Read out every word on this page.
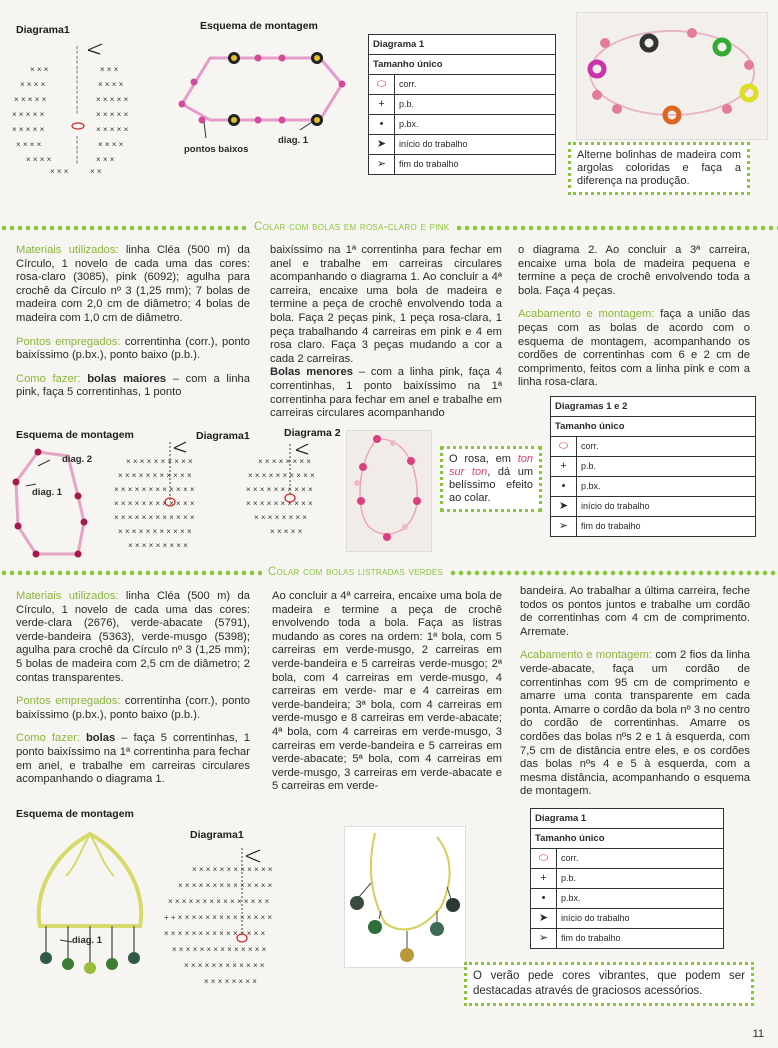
Diagrama1
¦
¦
¦
¦
¦
¦
¦
¦
¦
¦
× × ×	× × ×
× × × ×	× × × ×
× × × × ×	× × × × ×
× × × × ×	× × × × ×
× × × × ×	× × × × ×
× × × ×	× × × ×
× × × ×	× × ×
× × ×	× ×
Esquema de montagem
pontos baixos
diag. 1
Diagrama 1	
Tamanho único	
⬭	corr.
+	p.b.
•	p.bx.
➤	início do trabalho
➢	fim do trabalho
Alterne bolinhas de madeira com argolas coloridas e faça a diferença na produção.
Colar com bolas em rosa-claro e pink

Materiais utilizados: linha Cléa (500 m) da Círculo, 1 novelo de cada uma das cores: rosa-claro (3085), pink (6092); agulha para crochê da Círculo nº 3 (1,25 mm); 7 bolas de madeira com 2,0 cm de diâmetro; 4 bolas de madeira com 1,0 cm de diâmetro.

Pontos empregados: correntinha (corr.), ponto baixíssimo (p.bx.), ponto baixo (p.b.).

Como fazer: bolas maiores – com a linha pink, faça 5 correntinhas, 1 ponto

baixíssimo na 1ª correntinha para fechar em anel e trabalhe em carreiras circulares acompanhando o diagrama 1. Ao concluir a 4ª carreira, encaixe uma bola de madeira e termine a peça de crochê envolvendo toda a bola. Faça 2 peças pink, 1 peça rosa-clara, 1 peça trabalhando 4 carreiras em pink e 4 em rosa claro. Faça 3 peças mudando a cor a cada 2 carreiras.

Bolas menores – com a linha pink, faça 4 correntinhas, 1 ponto baixíssimo na 1ª correntinha para fechar em anel e trabalhe em carreiras circulares acompanhando

o diagrama 2. Ao concluir a 3ª carreira, encaixe uma bola de madeira pequena e termine a peça de crochê envolvendo toda a bola. Faça 4 peças.

Acabamento e montagem: faça a união das peças com as bolas de acordo com o esquema de montagem, acompanhando os cordões de correntinhas com 6 e 2 cm de comprimento, feitos com a linha pink e com a linha rosa-clara.

Esquema de montagem
diag. 2
diag. 1
Diagrama1
× × × × × × × × × ×
× × × × × × × × × × ×
× × × × × × × × × × × ×
× × × × × × × × × × × ×
× × × × × × × × × × × ×
× × × × × × × × × × ×
× × × × × × × × ×
Diagrama 2
× × × × × × × ×
× × × × × × × × × ×
× × × × × × × × × ×
× × × × × × × × × ×
× × × × × × × ×
× × × × ×
O rosa, em ton sur ton, dá um belíssimo efeito ao colar.
Diagramas 1 e 2	
Tamanho único	
⬭	corr.
+	p.b.
•	p.bx.
➤	início do trabalho
➢	fim do trabalho
Colar com bolas listradas verdes

Materiais utilizados: linha Cléa (500 m) da Círculo, 1 novelo de cada uma das cores: verde-clara (2676), verde-abacate (5791), verde-bandeira (5363), verde-musgo (5398); agulha para crochê da Círculo nº 3 (1,25 mm); 5 bolas de madeira com 2,5 cm de diâmetro; 2 contas transparentes.

Pontos empregados: correntinha (corr.), ponto baixíssimo (p.bx.), ponto baixo (p.b.).

Como fazer: bolas – faça 5 correntinhas, 1 ponto baixíssimo na 1ª correntinha para fechar em anel, e trabalhe em carreiras circulares acompanhando o diagrama 1.

Ao concluir a 4ª carreira, encaixe uma bola de madeira e termine a peça de crochê envolvendo toda a bola. Faça as listras mudando as cores na ordem: 1ª bola, com 5 carreiras em verde-musgo, 2 carreiras em verde-bandeira e 5 carreiras verde-musgo; 2ª bola, com 4 carreiras em verde-musgo, 4 carreiras em verde- mar e 4 carreiras em verde-bandeira; 3ª bola, com 4 carreiras em verde-musgo e 8 carreiras em verde-abacate; 4ª bola, com 4 carreiras em verde-musgo, 3 carreiras em verde-bandeira e 5 carreiras em verde-abacate; 5ª bola, com 4 carreiras em verde-musgo, 3 carreiras em verde-abacate e 5 carreiras em verde-

bandeira. Ao trabalhar a última carreira, feche todos os pontos juntos e trabalhe um cordão de correntinhas com 4 cm de comprimento. Arremate.

Acabamento e montagem: com 2 fios da linha verde-abacate, faça um cordão de correntinhas com 95 cm de comprimento e amarre uma conta transparente em cada ponta. Amarre o cordão da bola nº 3 no centro do cordão de correntinhas. Amarre os cordões das bolas nºs 2 e 1 à esquerda, com 7,5 cm de distância entre eles, e os cordões das bolas nºs 4 e 5 à esquerda, com a mesma distância, acompanhando o esquema de montagem.

Esquema de montagem
diag. 1
Diagrama1
× × × × × × × × × × × ×
× × × × × × × × × × × × × ×
× × × × × × × × × × × × × × ×
+ + × × × × × × × × × × × × × ×
× × × × × × × × × × × × × × ×
× × × × × × × × × × × × × ×
× × × × × × × × × × × ×
× × × × × × × ×
Diagrama 1	
Tamanho único	
⬭	corr.
+	p.b.
•	p.bx.
➤	início do trabalho
➢	fim do trabalho
O verão pede cores vibrantes, que podem ser destacadas através de graciosos acessórios.
11
